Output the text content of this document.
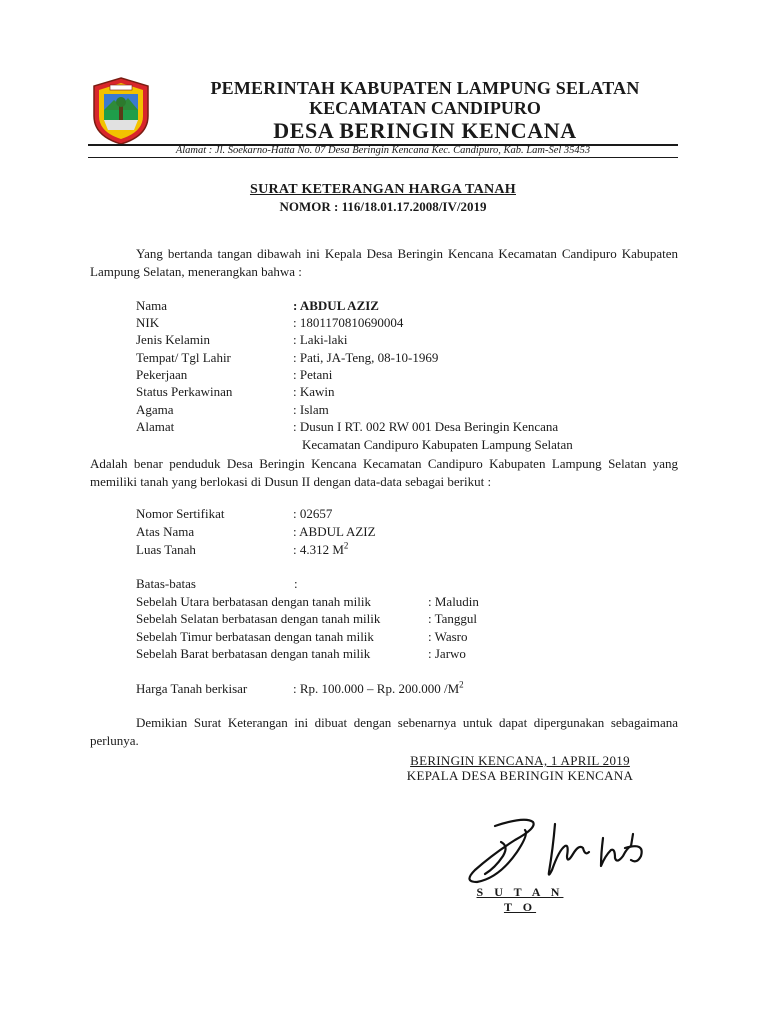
PEMERINTAH KABUPATEN LAMPUNG SELATAN
KECAMATAN CANDIPURO
DESA BERINGIN KENCANA
Alamat : Jl. Soekarno-Hatta No. 07 Desa Beringin Kencana Kec. Candipuro, Kab. Lam-Sel 35453
SURAT KETERANGAN HARGA TANAH
NOMOR : 116/18.01.17.2008/IV/2019
Yang bertanda tangan dibawah ini Kepala Desa Beringin Kencana Kecamatan Candipuro Kabupaten Lampung Selatan, menerangkan bahwa :
Nama	: ABDUL AZIZ
NIK	: 1801170810690004
Jenis Kelamin	: Laki-laki
Tempat/ Tgl Lahir	: Pati, JA-Teng, 08-10-1969
Pekerjaan	: Petani
Status Perkawinan	: Kawin
Agama	: Islam
Alamat	: Dusun I RT. 002 RW 001 Desa Beringin Kencana
Kecamatan Candipuro Kabupaten Lampung Selatan
Adalah benar penduduk Desa Beringin Kencana Kecamatan Candipuro Kabupaten Lampung Selatan yang memiliki tanah yang berlokasi di Dusun II dengan data-data sebagai berikut :
Nomor Sertifikat	: 02657
Atas Nama	: ABDUL AZIZ
Luas Tanah	: 4.312 $M^2$
Batas-batas	:
Sebelah Utara berbatasan dengan tanah milik	: Maludin
Sebelah Selatan berbatasan dengan tanah milik	: Tanggul
Sebelah Timur berbatasan dengan tanah milik	: Wasro
Sebelah Barat berbatasan dengan tanah milik	: Jarwo
Harga Tanah berkisar	: Rp. 100.000 – Rp. 200.000 $/M^2$
Demikian Surat Keterangan ini dibuat dengan sebenarnya untuk dapat dipergunakan sebagaimana perlunya.
BERINGIN KENCANA, 1 APRIL 2019
KEPALA DESA BERINGIN KENCANA
S U T A N T O
